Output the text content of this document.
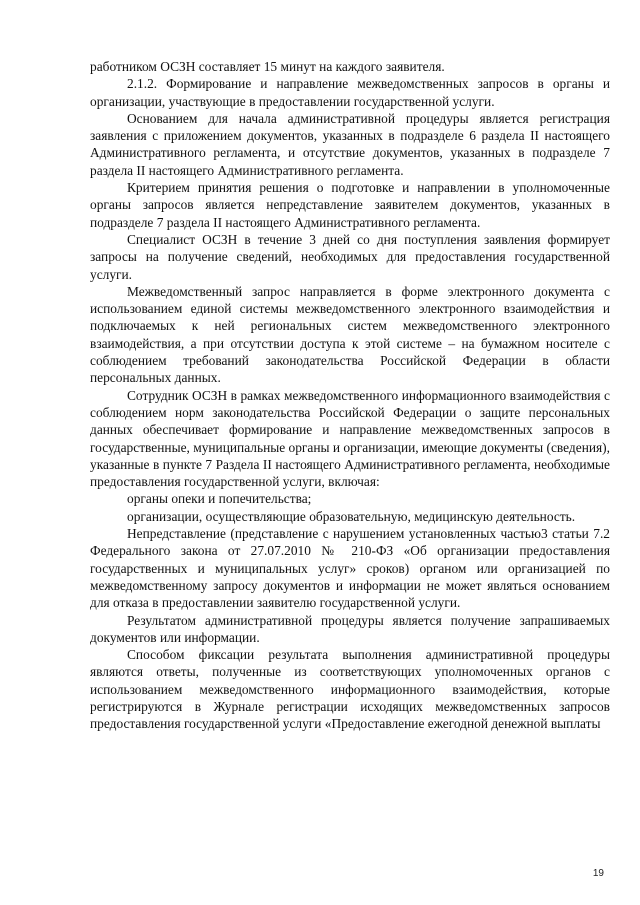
работником ОСЗН составляет 15 минут на каждого заявителя.

2.1.2. Формирование и направление межведомственных запросов в органы и организации, участвующие в предоставлении государственной услуги.

Основанием для начала административной процедуры является регистрация заявления с приложением документов, указанных в подразделе 6 раздела II настоящего Административного регламента, и отсутствие документов, указанных в подразделе 7 раздела II настоящего Административного регламента.

Критерием принятия решения о подготовке и направлении в уполномоченные органы запросов является непредставление заявителем документов, указанных в подразделе 7 раздела II настоящего Административного регламента.

Специалист ОСЗН в течение 3 дней со дня поступления заявления формирует запросы на получение сведений, необходимых для предоставления государственной услуги.

Межведомственный запрос направляется в форме электронного документа с использованием единой системы межведомственного электронного взаимодействия и подключаемых к ней региональных систем межведомственного электронного взаимодействия, а при отсутствии доступа к этой системе – на бумажном носителе с соблюдением требований законодательства Российской Федерации в области персональных данных.

Сотрудник ОСЗН в рамках межведомственного информационного взаимодействия с соблюдением норм законодательства Российской Федерации о защите персональных данных обеспечивает формирование и направление межведомственных запросов в государственные, муниципальные органы и организации, имеющие документы (сведения), указанные в пункте 7 Раздела II настоящего Административного регламента, необходимые предоставления государственной услуги, включая:

органы опеки и попечительства;

организации, осуществляющие образовательную, медицинскую деятельность.

Непредставление (представление с нарушением установленных частью3 статьи 7.2 Федерального закона от 27.07.2010 № 210-ФЗ «Об организации предоставления государственных и муниципальных услуг» сроков) органом или организацией по межведомственному запросу документов и информации не может являться основанием для отказа в предоставлении заявителю государственной услуги.

Результатом административной процедуры является получение запрашиваемых документов или информации.

Способом фиксации результата выполнения административной процедуры являются ответы, полученные из соответствующих уполномоченных органов с использованием межведомственного информационного взаимодействия, которые регистрируются в Журнале регистрации исходящих межведомственных запросов предоставления государственной услуги «Предоставление ежегодной денежной выплаты

19
